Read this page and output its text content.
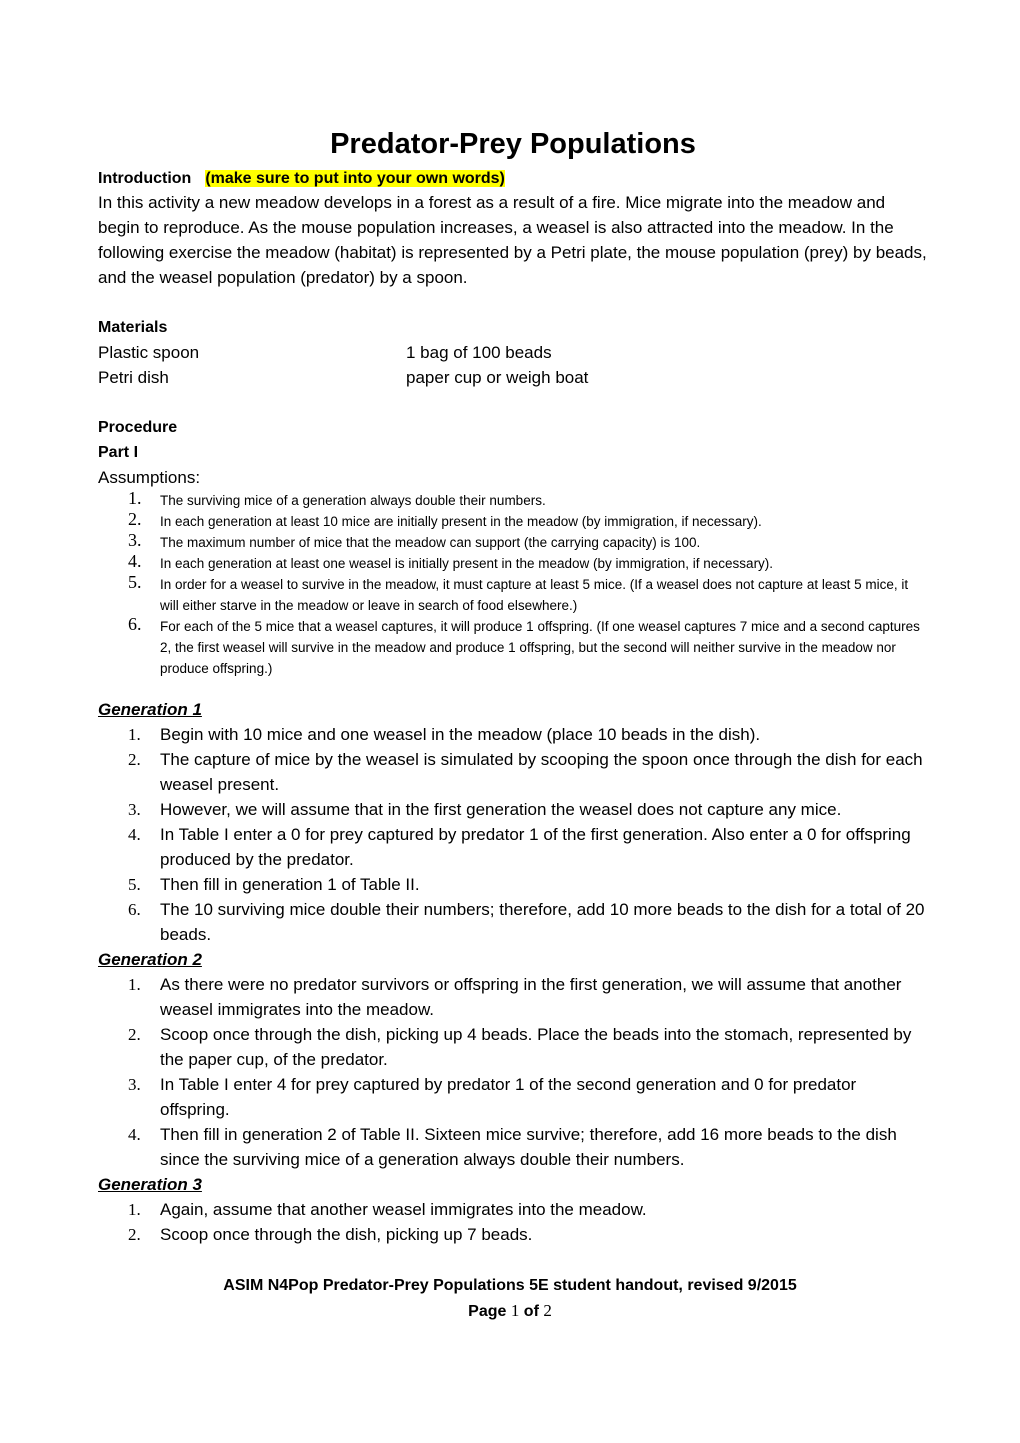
Predator-Prey Populations
Introduction (make sure to put into your own words)

In this activity a new meadow develops in a forest as a result of a fire. Mice migrate into the meadow and begin to reproduce. As the mouse population increases, a weasel is also attracted into the meadow. In the following exercise the meadow (habitat) is represented by a Petri plate, the mouse population (prey) by beads, and the weasel population (predator) by a spoon.

Materials
Plastic spoon	1 bag of 100 beads
Petri dish	paper cup or weigh boat
Procedure
Part I
Assumptions:
1. The surviving mice of a generation always double their numbers.
2. In each generation at least 10 mice are initially present in the meadow (by immigration, if necessary).
3. The maximum number of mice that the meadow can support (the carrying capacity) is 100.
4. In each generation at least one weasel is initially present in the meadow (by immigration, if necessary).
5. In order for a weasel to survive in the meadow, it must capture at least 5 mice. (If a weasel does not capture at least 5 mice, it will either starve in the meadow or leave in search of food elsewhere.)
6. For each of the 5 mice that a weasel captures, it will produce 1 offspring. (If one weasel captures 7 mice and a second captures 2, the first weasel will survive in the meadow and produce 1 offspring, but the second will neither survive in the meadow nor produce offspring.)
Generation 1
1. Begin with 10 mice and one weasel in the meadow (place 10 beads in the dish).
2. The capture of mice by the weasel is simulated by scooping the spoon once through the dish for each weasel present.
3. However, we will assume that in the first generation the weasel does not capture any mice.
4. In Table I enter a 0 for prey captured by predator 1 of the first generation. Also enter a 0 for offspring produced by the predator.
5. Then fill in generation 1 of Table II.
6. The 10 surviving mice double their numbers; therefore, add 10 more beads to the dish for a total of 20 beads.
Generation 2
1. As there were no predator survivors or offspring in the first generation, we will assume that another weasel immigrates into the meadow.
2. Scoop once through the dish, picking up 4 beads. Place the beads into the stomach, represented by the paper cup, of the predator.
3. In Table I enter 4 for prey captured by predator 1 of the second generation and 0 for predator offspring.
4. Then fill in generation 2 of Table II. Sixteen mice survive; therefore, add 16 more beads to the dish since the surviving mice of a generation always double their numbers.
Generation 3
1. Again, assume that another weasel immigrates into the meadow.
2. Scoop once through the dish, picking up 7 beads.
ASIM N4Pop Predator-Prey Populations 5E student handout, revised 9/2015
Page 1 of 2
